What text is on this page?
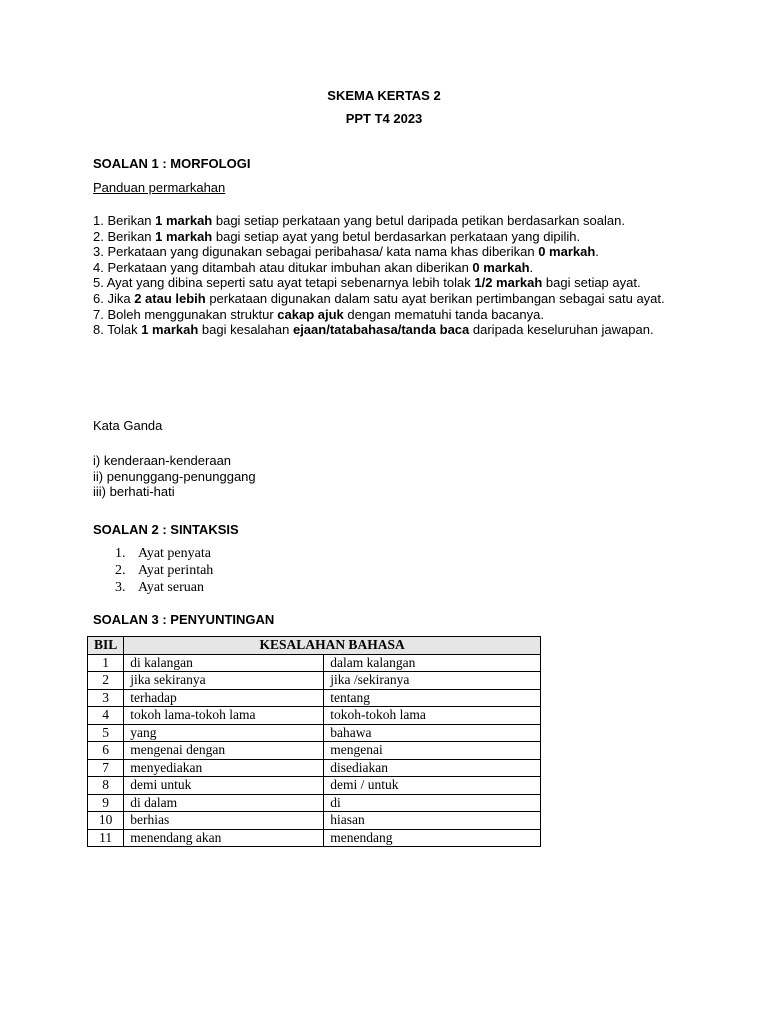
SKEMA KERTAS 2
PPT T4 2023
SOALAN 1 : MORFOLOGI
Panduan permarkahan

1. Berikan 1 markah bagi setiap perkataan yang betul daripada petikan berdasarkan soalan.

2. Berikan 1 markah bagi setiap ayat yang betul berdasarkan perkataan yang dipilih.

3. Perkataan yang digunakan sebagai peribahasa/ kata nama khas diberikan 0 markah.

4. Perkataan yang ditambah atau ditukar imbuhan akan diberikan 0 markah.

5. Ayat yang dibina seperti satu ayat tetapi sebenarnya lebih tolak 1/2 markah bagi setiap ayat.

6. Jika 2 atau lebih perkataan digunakan dalam satu ayat berikan pertimbangan sebagai satu ayat.

7. Boleh menggunakan struktur cakap ajuk dengan mematuhi tanda bacanya.

8. Tolak 1 markah bagi kesalahan ejaan/tatabahasa/tanda baca daripada keseluruhan jawapan.

Kata Ganda
i) kenderaan-kenderaan
ii) penunggang-penunggang
iii) berhati-hati
SOALAN 2 : SINTAKSIS
1. Ayat penyata
2. Ayat perintah
3. Ayat seruan
SOALAN 3 : PENYUNTINGAN
BIL	KESALAHAN BAHASA	
1	di kalangan	dalam kalangan
2	jika sekiranya	jika /sekiranya
3	terhadap	tentang
4	tokoh lama-tokoh lama	tokoh-tokoh lama
5	yang	bahawa
6	mengenai dengan	mengenai
7	menyediakan	disediakan
8	demi untuk	demi / untuk
9	di dalam	di
10	berhias	hiasan
11	menendang akan	menendang
